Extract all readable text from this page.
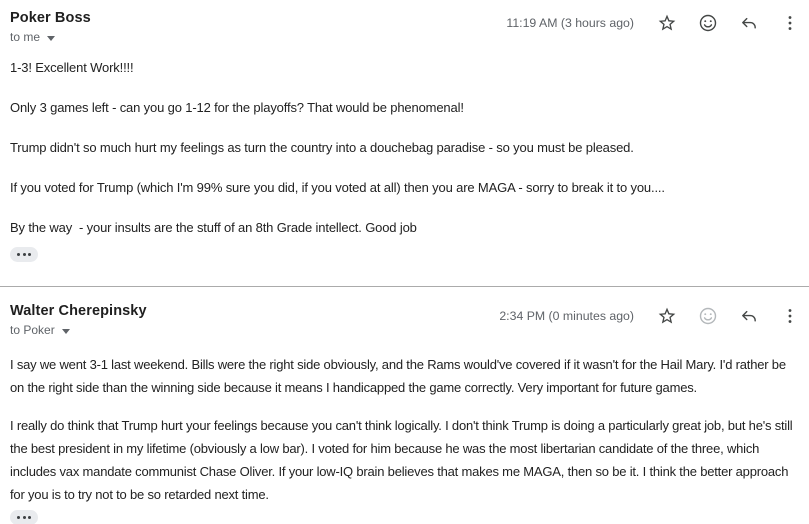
Poker Boss
to me
11:19 AM (3 hours ago)

1-3! Excellent Work!!!!

Only 3 games left - can you go 1-12 for the playoffs? That would be phenomenal!

Trump didn't so much hurt my feelings as turn the country into a douchebag paradise - so you must be pleased.

If you voted for Trump (which I'm 99% sure you did, if you voted at all) then you are MAGA - sorry to break it to you....

By the way  - your insults are the stuff of an 8th Grade intellect. Good job

Walter Cherepinsky
to Poker
2:34 PM (0 minutes ago)

I say we went 3-1 last weekend. Bills were the right side obviously, and the Rams would've covered if it wasn't for the Hail Mary. I'd rather be on the right side than the winning side because it means I handicapped the game correctly. Very important for future games.

I really do think that Trump hurt your feelings because you can't think logically. I don't think Trump is doing a particularly great job, but he's still the best president in my lifetime (obviously a low bar). I voted for him because he was the most libertarian candidate of the three, which includes vax mandate communist Chase Oliver. If your low-IQ brain believes that makes me MAGA, then so be it. I think the better approach for you is to try not to be so retarded next time.
